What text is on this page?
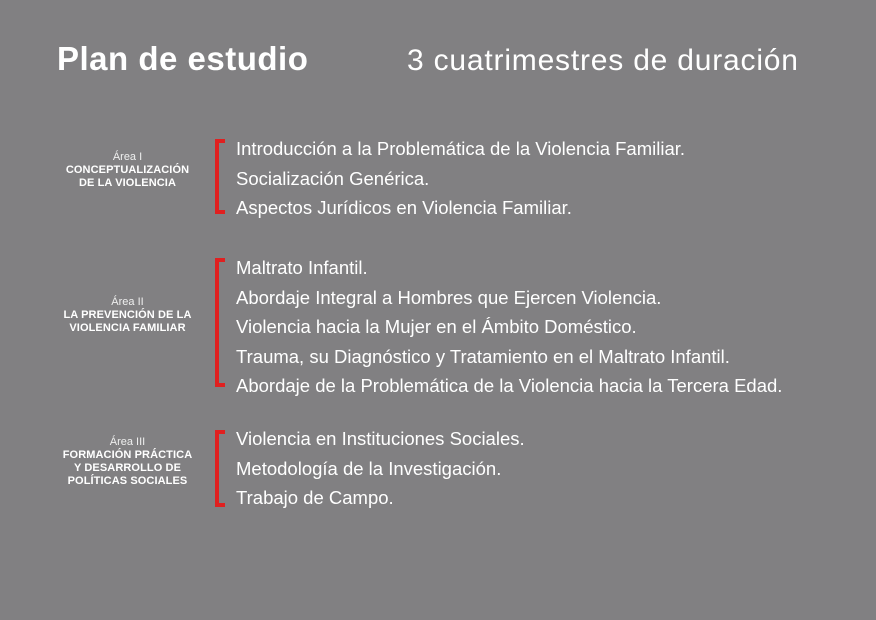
Plan de estudio	3 cuatrimestres de duración
Área I
CONCEPTUALIZACIÓN
DE LA VIOLENCIA
Introducción a la Problemática de la Violencia Familiar.
Socialización Genérica.
Aspectos Jurídicos en Violencia Familiar.
Área II
LA PREVENCIÓN DE LA
VIOLENCIA FAMILIAR
Maltrato Infantil.
Abordaje Integral a Hombres que Ejercen Violencia.
Violencia hacia la Mujer en el Ámbito Doméstico.
Trauma, su Diagnóstico y Tratamiento en el Maltrato Infantil.
Abordaje de la Problemática de la Violencia hacia la Tercera Edad.
Área III
FORMACIÓN PRÁCTICA
Y DESARROLLO DE
POLÍTICAS SOCIALES
Violencia en Instituciones Sociales.
Metodología de la Investigación.
Trabajo de Campo.
